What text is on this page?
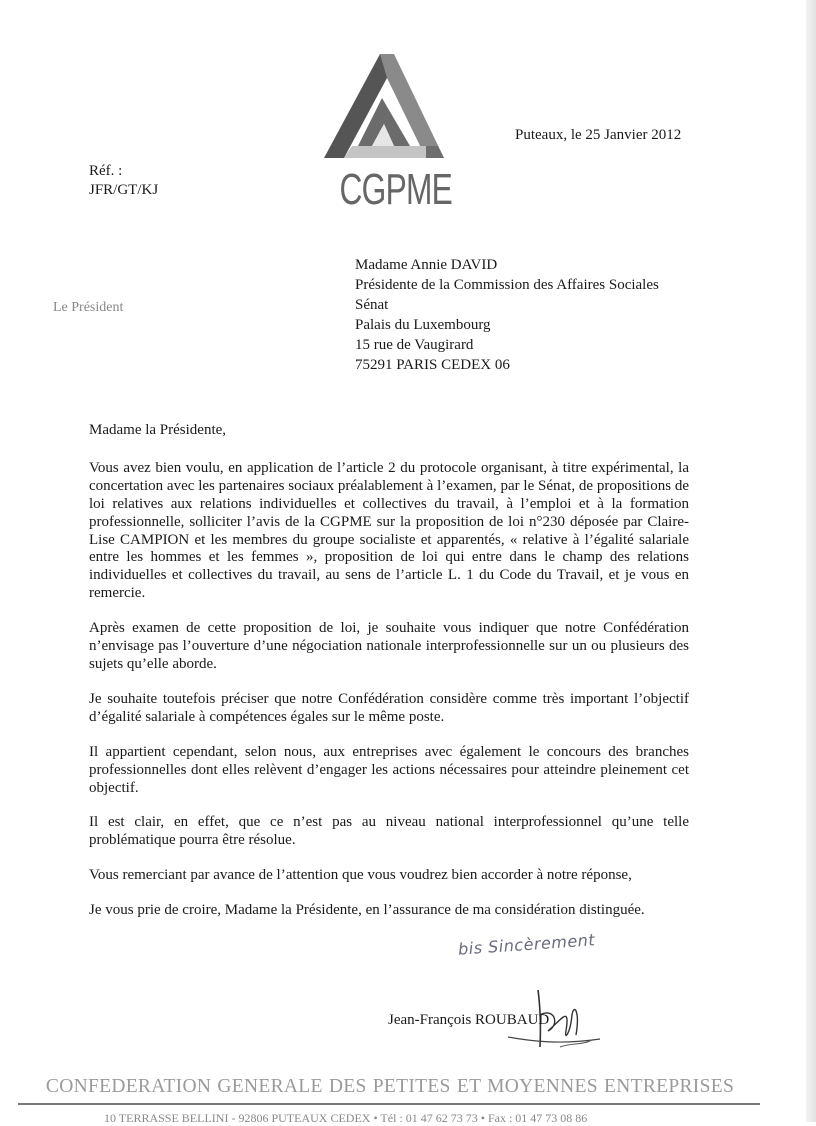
CGPME
Puteaux, le 25 Janvier 2012
Réf. :
JFR/GT/KJ
Le Président
Madame Annie DAVID
Présidente de la Commission des Affaires Sociales
Sénat
Palais du Luxembourg
15 rue de Vaugirard
75291 PARIS CEDEX 06

Madame la Présidente,

Vous avez bien voulu, en application de l’article 2 du protocole organisant, à titre expérimental, la concertation avec les partenaires sociaux préalablement à l’examen, par le Sénat, de propositions de loi relatives aux relations individuelles et collectives du travail, à l’emploi et à la formation professionnelle, solliciter l’avis de la CGPME sur la proposition de loi n°230 déposée par Claire-Lise CAMPION et les membres du groupe socialiste et apparentés, « relative à l’égalité salariale entre les hommes et les femmes », proposition de loi qui entre dans le champ des relations individuelles et collectives du travail, au sens de l’article L. 1 du Code du Travail, et je vous en remercie.

Après examen de cette proposition de loi, je souhaite vous indiquer que notre Confédération n’envisage pas l’ouverture d’une négociation nationale interprofessionnelle sur un ou plusieurs des sujets qu’elle aborde.

Je souhaite toutefois préciser que notre Confédération considère comme très important l’objectif d’égalité salariale à compétences égales sur le même poste.

Il appartient cependant, selon nous, aux entreprises avec également le concours des branches professionnelles dont elles relèvent d’engager les actions nécessaires pour atteindre pleinement cet objectif.

Il est clair, en effet, que ce n’est pas au niveau national interprofessionnel qu’une telle problématique pourra être résolue.

Vous remerciant par avance de l’attention que vous voudrez bien accorder à notre réponse,

Je vous prie de croire, Madame la Présidente, en l’assurance de ma considération distinguée.

bis Sincèrement
Jean-François ROUBAUD
CONFEDERATION GENERALE DES PETITES ET MOYENNES ENTREPRISES
10 TERRASSE BELLINI - 92806 PUTEAUX CEDEX • Tél : 01 47 62 73 73 • Fax : 01 47 73 08 86
